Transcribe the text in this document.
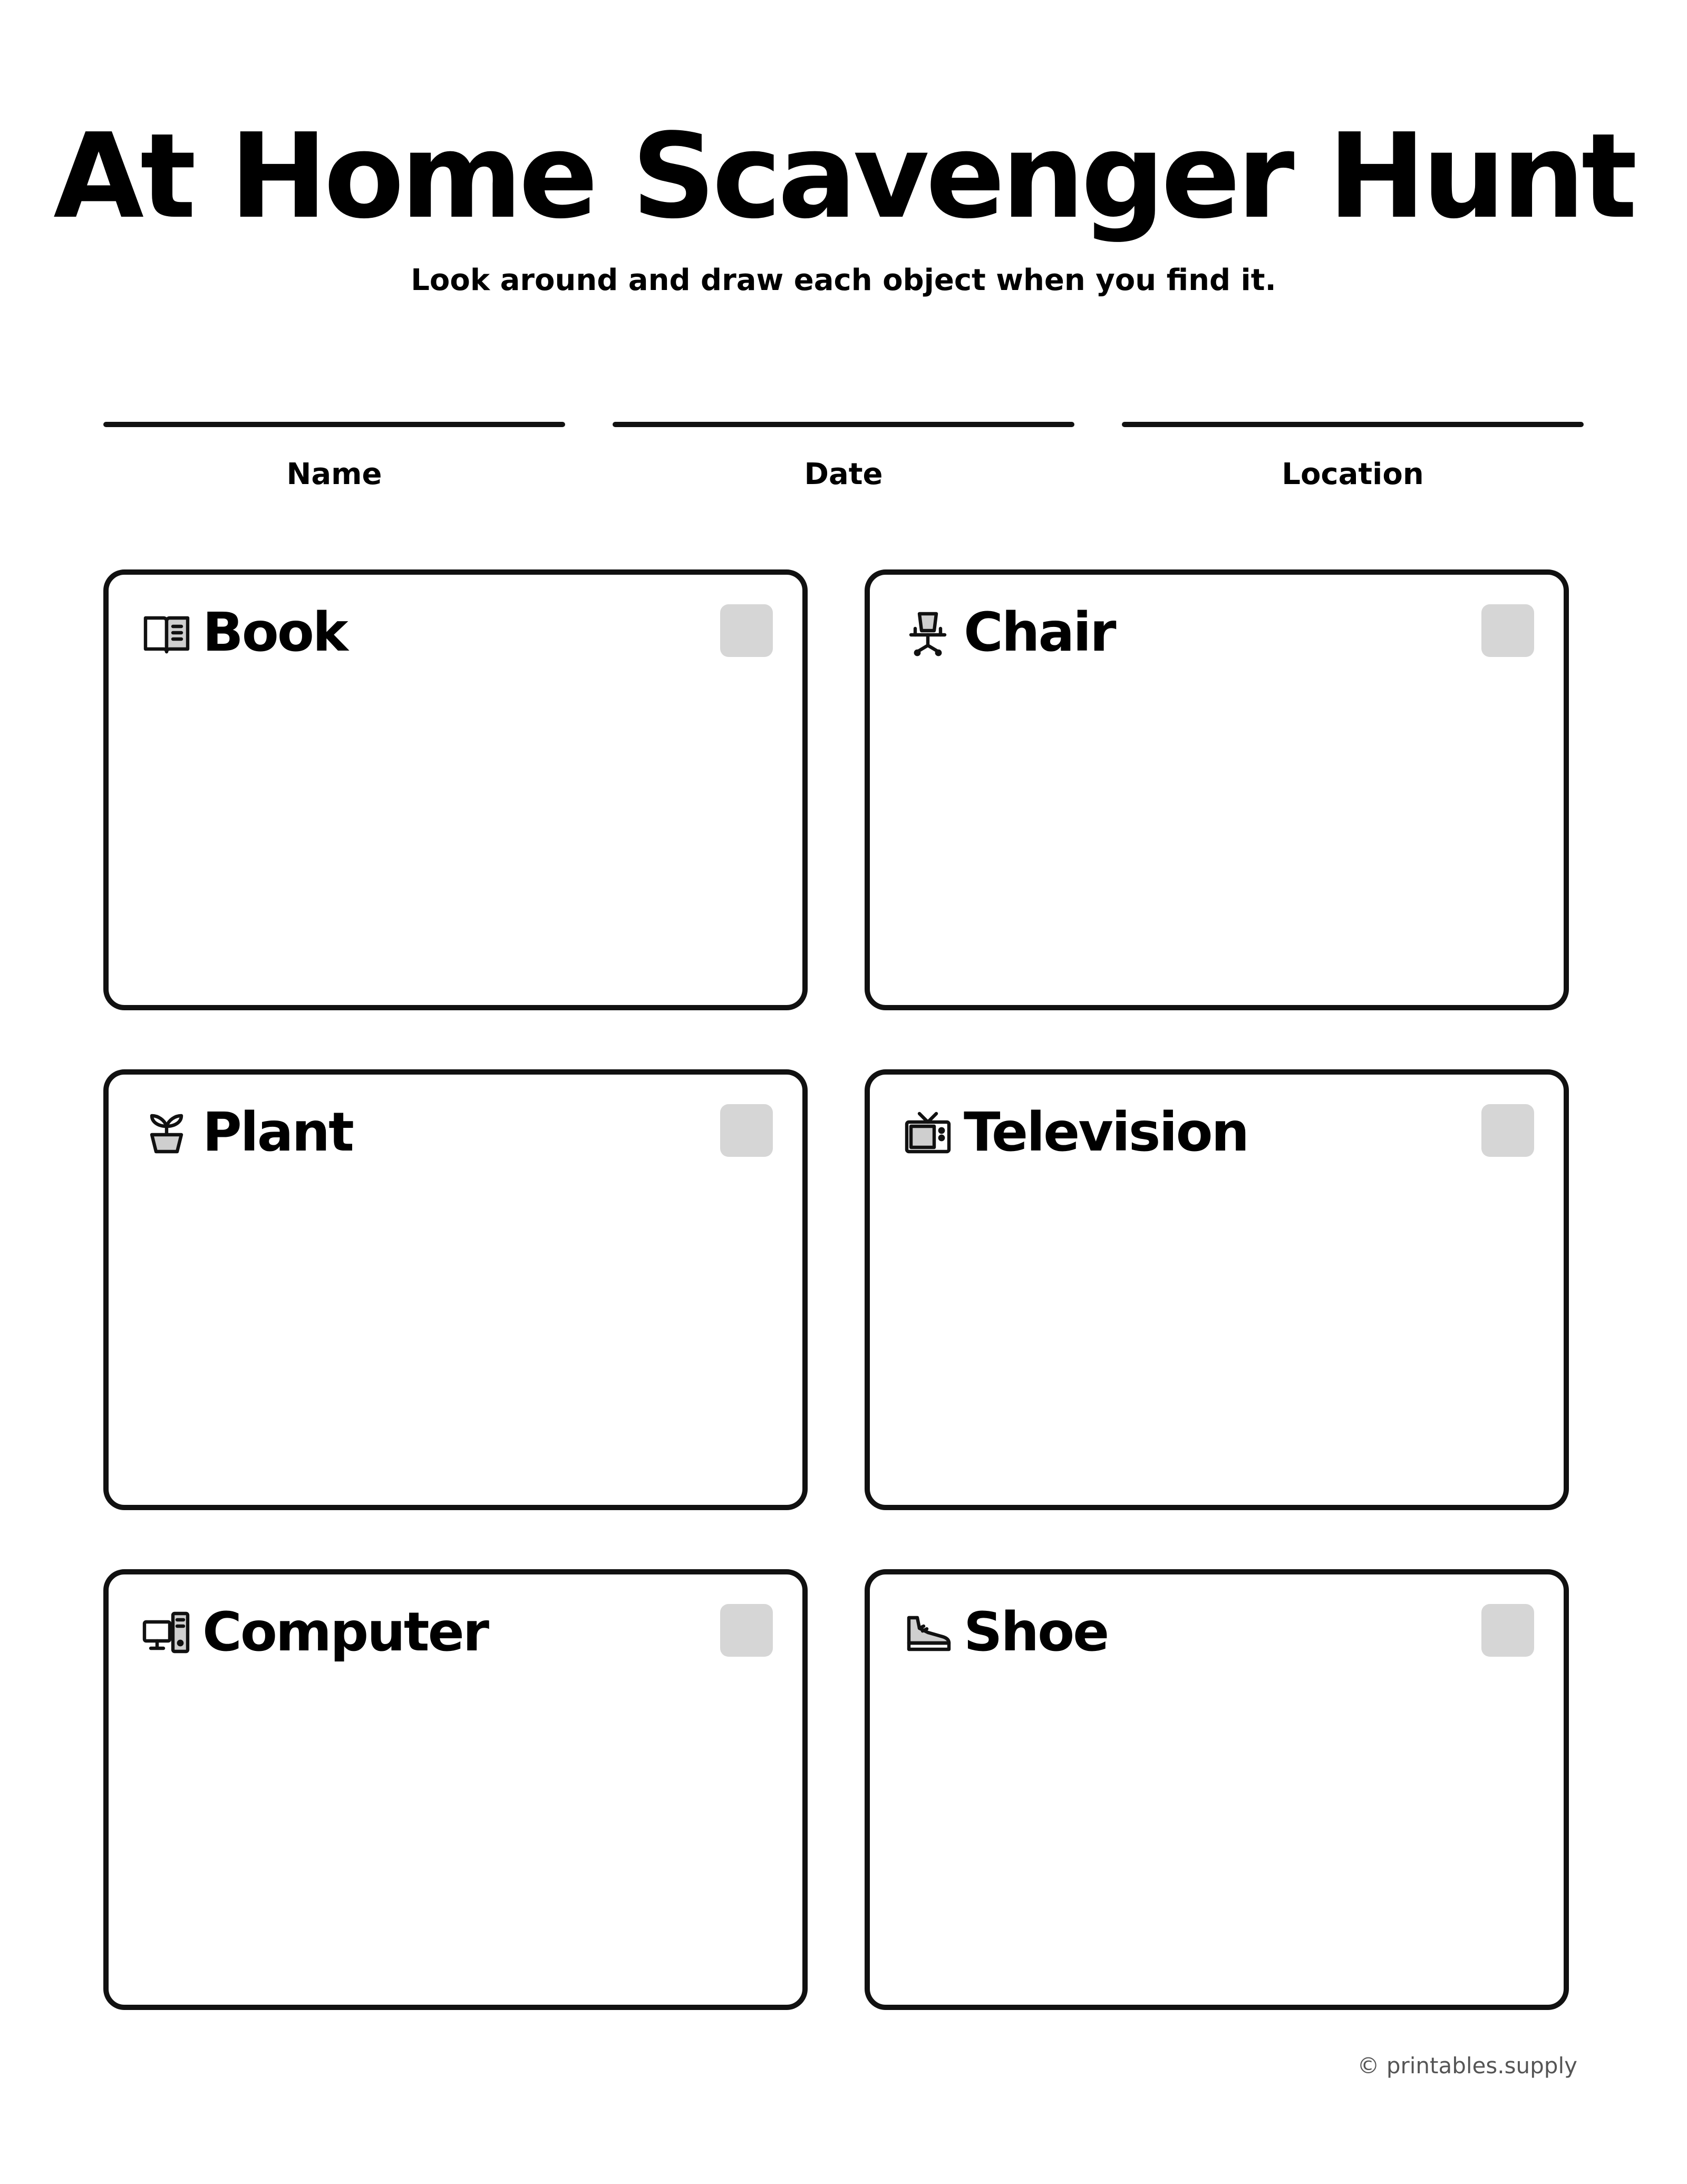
At Home Scavenger Hunt
Look around and draw each object when you find it.
Name	Date	Location
Book	Chair
Plant	Television
Computer	Shoe
© printables.supply
